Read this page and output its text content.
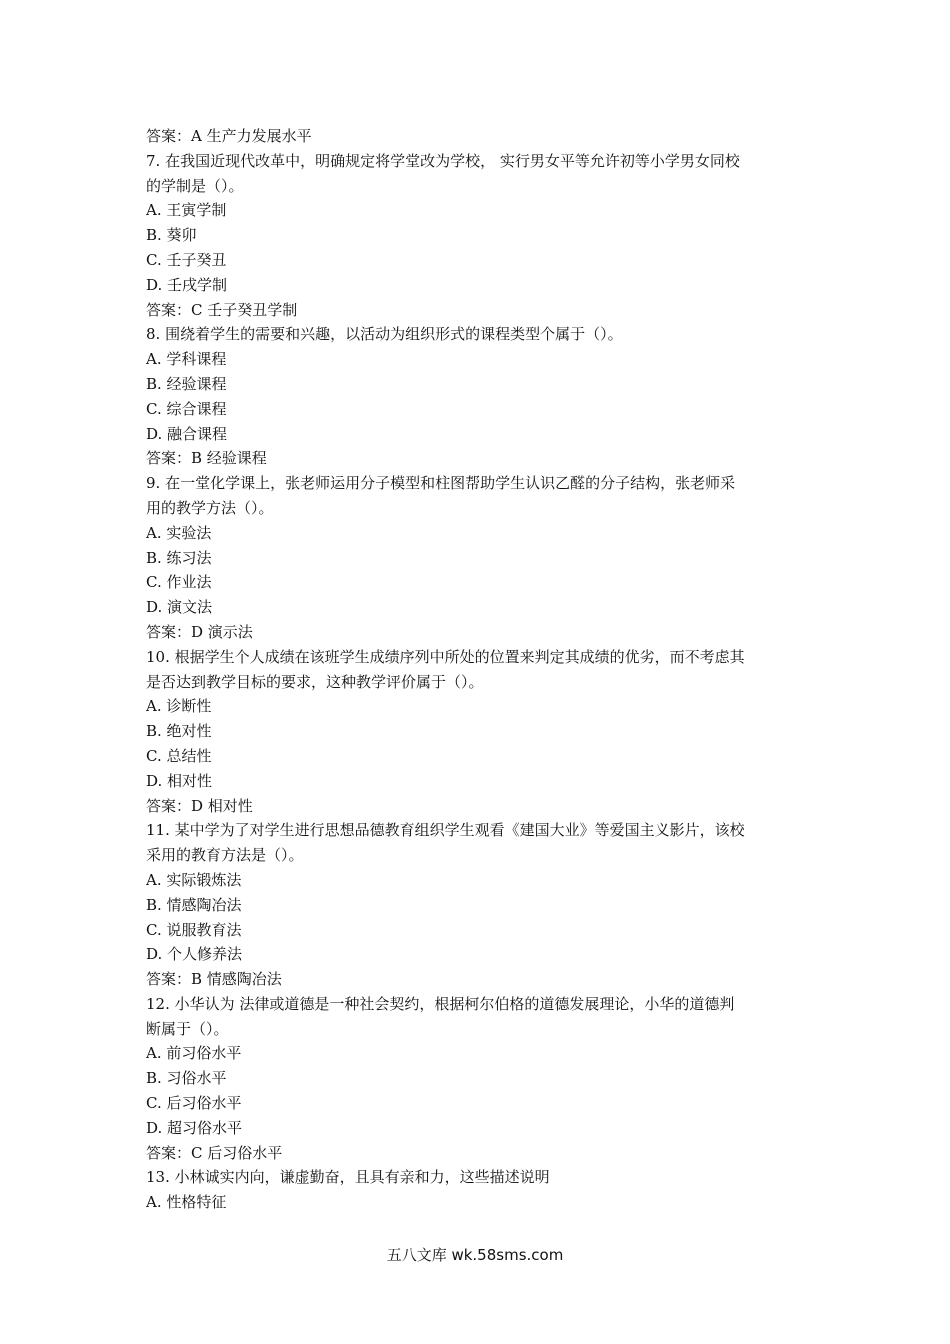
答案：A 生产力发展水平
7. 在我国近现代改革中，明确规定将学堂改为学校， 实行男女平等允许初等小学男女同校
的学制是（）。
A. 王寅学制
B. 葵卯
C. 壬子癸丑
D. 壬戌学制
答案：C 壬子癸丑学制
8. 围绕着学生的需要和兴趣，以活动为组织形式的课程类型个属于（）。
A. 学科课程
B. 经验课程
C. 综合课程
D. 融合课程
答案：B 经验课程
9. 在一堂化学课上，张老师运用分子模型和柱图帮助学生认识乙醛的分子结构，张老师采
用的教学方法（）。
A. 实验法
B. 练习法
C. 作业法
D. 演文法
答案：D 演示法
10. 根据学生个人成绩在该班学生成绩序列中所处的位置来判定其成绩的优劣，而不考虑其
是否达到教学目标的要求，这种教学评价属于（）。
A. 诊断性
B. 绝对性
C. 总结性
D. 相对性
答案：D 相对性
11. 某中学为了对学生进行思想品德教育组织学生观看《建国大业》等爱国主义影片，该校
采用的教育方法是（）。
A. 实际锻炼法
B. 情感陶冶法
C. 说服教育法
D. 个人修养法
答案：B 情感陶冶法
12. 小华认为 法律或道德是一种社会契约，根据柯尔伯格的道德发展理论，小华的道德判
断属于（）。
A. 前习俗水平
B. 习俗水平
C. 后习俗水平
D. 超习俗水平
答案：C 后习俗水平
13. 小林诚实内向，谦虚勤奋，且具有亲和力，这些描述说明
A. 性格特征
五八文库 wk.58sms.com
